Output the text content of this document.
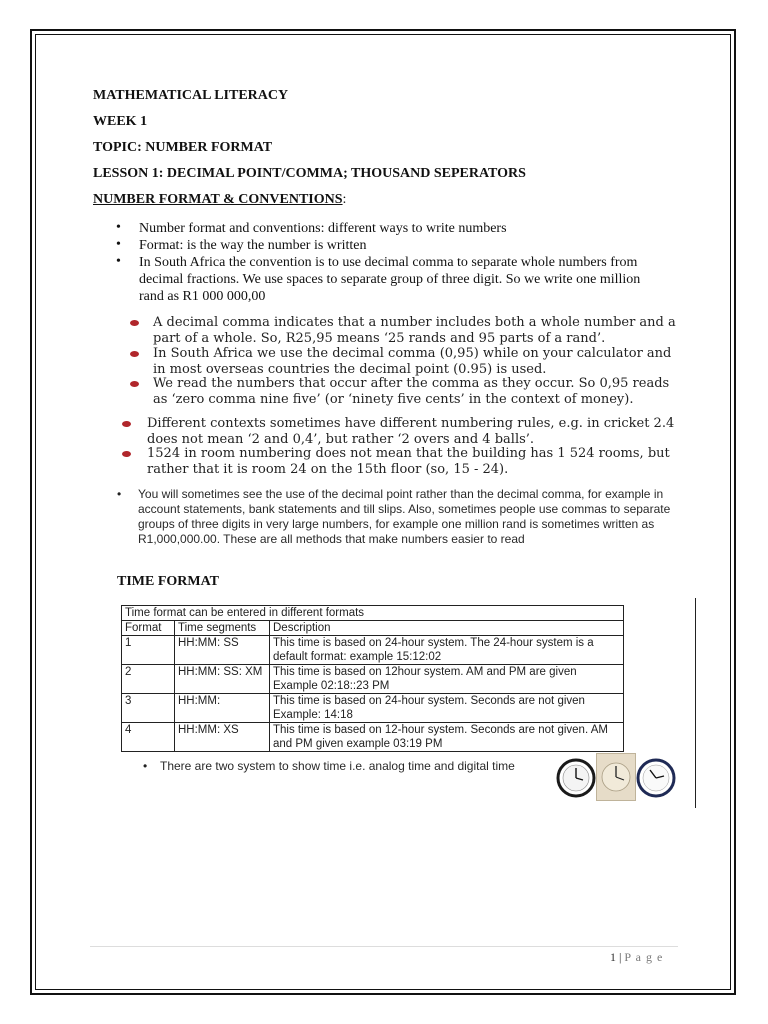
MATHEMATICAL LITERACY
WEEK 1
TOPIC: NUMBER FORMAT
LESSON 1: DECIMAL POINT/COMMA; THOUSAND SEPERATORS
NUMBER FORMAT & CONVENTIONS:
• Number format and conventions: different ways to write numbers
• Format: is the way the number is written
• In South Africa the convention is to use decimal comma to separate whole numbers from decimal fractions. We use spaces to separate group of three digit. So we write one million rand as R1 000 000,00
A decimal comma indicates that a number includes both a whole number and a part of a whole. So, R25,95 means ‘25 rands and 95 parts of a rand’.
In South Africa we use the decimal comma (0,95) while on your calculator and in most overseas countries the decimal point (0.95) is used.
We read the numbers that occur after the comma as they occur. So 0,95 reads as ‘zero comma nine five’ (or ‘ninety five cents’ in the context of money).
Different contexts sometimes have different numbering rules, e.g. in cricket 2.4 does not mean ‘2 and 0,4’, but rather ‘2 overs and 4 balls’.
1524 in room numbering does not mean that the building has 1 524 rooms, but rather that it is room 24 on the 15th floor (so, 15 - 24).
• You will sometimes see the use of the decimal point rather than the decimal comma, for example in account statements, bank statements and till slips. Also, sometimes people use commas to separate groups of three digits in very large numbers, for example one million rand is sometimes written as R1,000,000.00. These are all methods that make numbers easier to read
TIME FORMAT
Time format can be entered in different formats		
Format	Time segments	Description
1	HH:MM: SS	This time is based on 24-hour system. The 24-hour system is a default format: example 15:12:02
2	HH:MM: SS: XM	This time is based on 12hour system. AM and PM are given Example 02:18::23 PM
3	HH:MM:	This time is based on 24-hour system. Seconds are not given Example: 14:18
4	HH:MM: XS	This time is based on 12-hour system. Seconds are not given. AM and PM given example 03:19 PM
• There are two system to show time i.e. analog time and digital time
1 | P a g e
